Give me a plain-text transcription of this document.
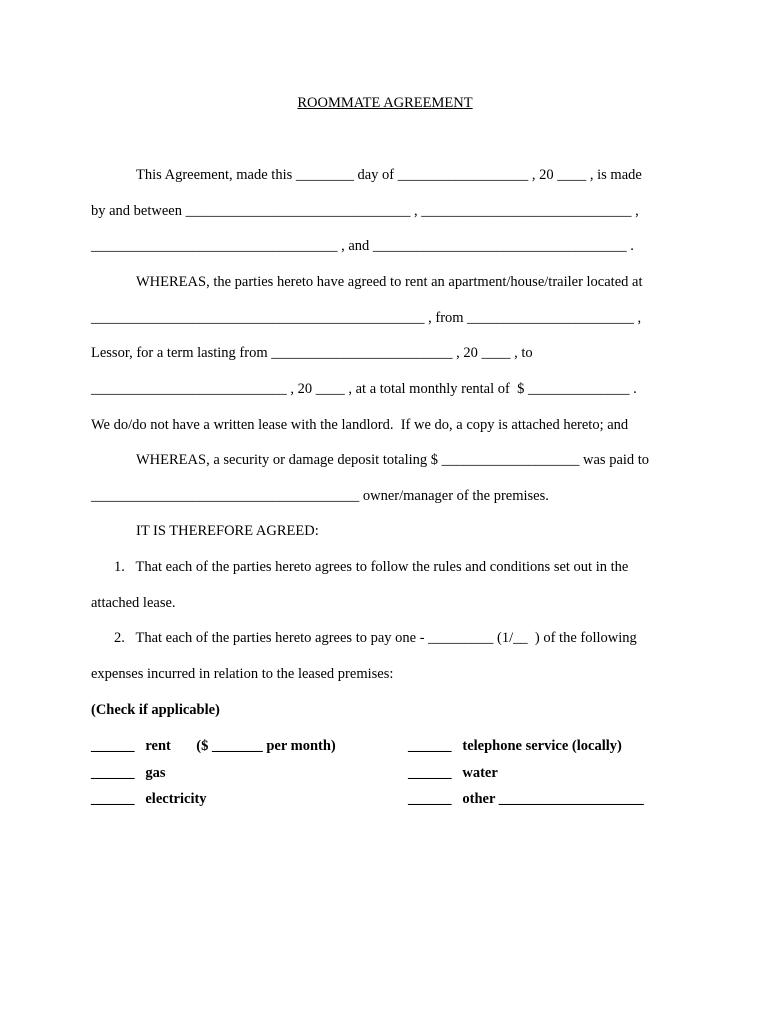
ROOMMATE AGREEMENT
This Agreement, made this ________ day of __________________ , 20 ____ , is made
by and between _______________________________ , _____________________________ ,
__________________________________ , and ___________________________________ .
WHEREAS, the parties hereto have agreed to rent an apartment/house/trailer located at
______________________________________________ , from _______________________ ,
Lessor, for a term lasting from _________________________ , 20 ____ , to
___________________________ , 20 ____ , at a total monthly rental of  $ ______________ .
We do/do not have a written lease with the landlord.  If we do, a copy is attached hereto; and
WHEREAS, a security or damage deposit totaling $ ___________________ was paid to
_____________________________________ owner/manager of the premises.
IT IS THEREFORE AGREED:
1.   That each of the parties hereto agrees to follow the rules and conditions set out in the
attached lease.
2.   That each of the parties hereto agrees to pay one - _________ (1/__  ) of the following
expenses incurred in relation to the leased premises:
(Check if applicable)
______   rent       ($ _______ per month)	______   telephone service (locally)
______   gas	______   water
______   electricity	______   other ____________________
